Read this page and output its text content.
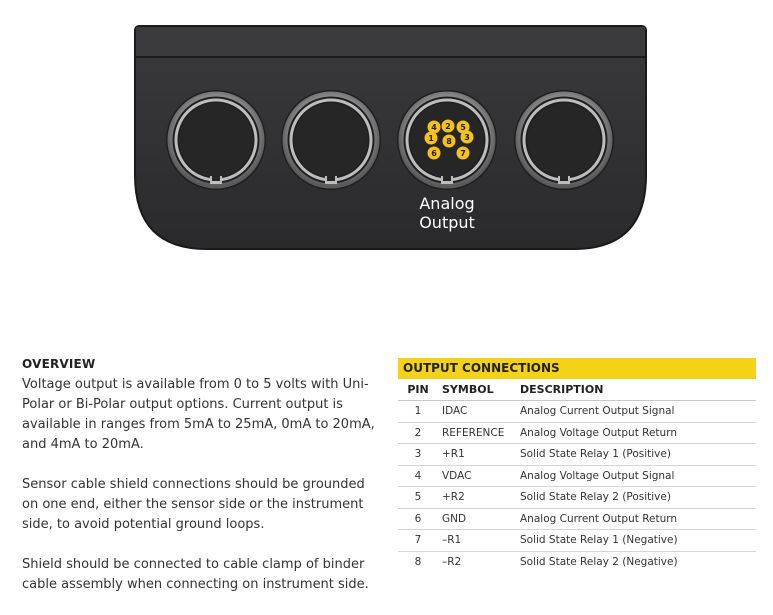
1
2
3
4	5
6	7
8
Analog
Output
OVERVIEW

Voltage output is available from 0 to 5 volts with Uni-Polar or Bi-Polar output options. Current output is available in ranges from 5mA to 25mA, 0mA to 20mA, and 4mA to 20mA.

Sensor cable shield connections should be grounded on one end, either the sensor side or the instrument side, to avoid potential ground loops.

Shield should be connected to cable clamp of binder cable assembly when connecting on instrument side.

OUTPUT CONNECTIONS
PIN	SYMBOL	DESCRIPTION
1	IDAC	Analog Current Output Signal
2	REFERENCE	Analog Voltage Output Return
3	+R1	Solid State Relay 1 (Positive)
4	VDAC	Analog Voltage Output Signal
5	+R2	Solid State Relay 2 (Positive)
6	GND	Analog Current Output Return
7	–R1	Solid State Relay 1 (Negative)
8	–R2	Solid State Relay 2 (Negative)
